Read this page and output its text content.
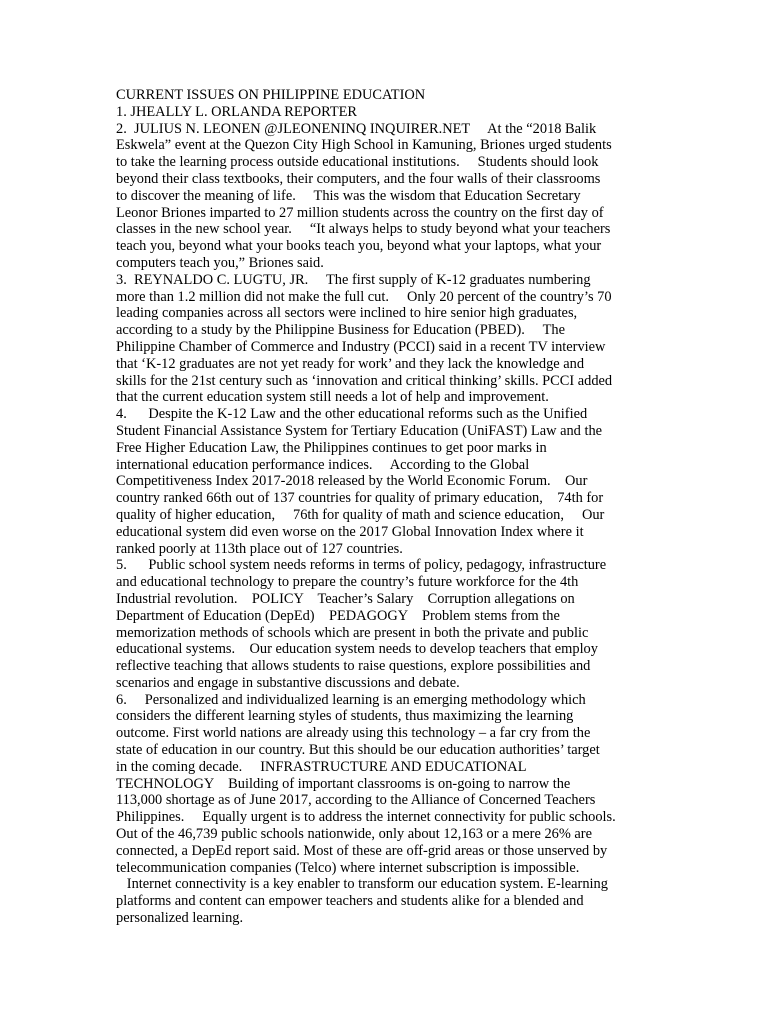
CURRENT ISSUES ON PHILIPPINE EDUCATION
1. JHEALLY L. ORLANDA REPORTER
2.  JULIUS N. LEONEN @JLEONENINQ INQUIRER.NET     At the “2018 Balik
Eskwela” event at the Quezon City High School in Kamuning, Briones urged students
to take the learning process outside educational institutions.     Students should look
beyond their class textbooks, their computers, and the four walls of their classrooms
to discover the meaning of life.     This was the wisdom that Education Secretary
Leonor Briones imparted to 27 million students across the country on the first day of
classes in the new school year.     “It always helps to study beyond what your teachers
teach you, beyond what your books teach you, beyond what your laptops, what your
computers teach you,” Briones said.
3.  REYNALDO C. LUGTU, JR.     The first supply of K-12 graduates numbering
more than 1.2 million did not make the full cut.     Only 20 percent of the country’s 70
leading companies across all sectors were inclined to hire senior high graduates,
according to a study by the Philippine Business for Education (PBED).     The
Philippine Chamber of Commerce and Industry (PCCI) said in a recent TV interview
that ‘K-12 graduates are not yet ready for work’ and they lack the knowledge and
skills for the 21st century such as ‘innovation and critical thinking’ skills. PCCI added
that the current education system still needs a lot of help and improvement.
4.      Despite the K-12 Law and the other educational reforms such as the Unified
Student Financial Assistance System for Tertiary Education (UniFAST) Law and the
Free Higher Education Law, the Philippines continues to get poor marks in
international education performance indices.     According to the Global
Competitiveness Index 2017-2018 released by the World Economic Forum.    Our
country ranked 66th out of 137 countries for quality of primary education,    74th for
quality of higher education,     76th for quality of math and science education,     Our
educational system did even worse on the 2017 Global Innovation Index where it
ranked poorly at 113th place out of 127 countries.
5.      Public school system needs reforms in terms of policy, pedagogy, infrastructure
and educational technology to prepare the country’s future workforce for the 4th
Industrial revolution.    POLICY    Teacher’s Salary    Corruption allegations on
Department of Education (DepEd)    PEDAGOGY    Problem stems from the
memorization methods of schools which are present in both the private and public
educational systems.    Our education system needs to develop teachers that employ
reflective teaching that allows students to raise questions, explore possibilities and
scenarios and engage in substantive discussions and debate.
6.     Personalized and individualized learning is an emerging methodology which
considers the different learning styles of students, thus maximizing the learning
outcome. First world nations are already using this technology – a far cry from the
state of education in our country. But this should be our education authorities’ target
in the coming decade.     INFRASTRUCTURE AND EDUCATIONAL
TECHNOLOGY    Building of important classrooms is on-going to narrow the
113,000 shortage as of June 2017, according to the Alliance of Concerned Teachers
Philippines.     Equally urgent is to address the internet connectivity for public schools.
Out of the 46,739 public schools nationwide, only about 12,163 or a mere 26% are
connected, a DepEd report said. Most of these are off-grid areas or those unserved by
telecommunication companies (Telco) where internet subscription is impossible.
Internet connectivity is a key enabler to transform our education system. E-learning
platforms and content can empower teachers and students alike for a blended and
personalized learning.
